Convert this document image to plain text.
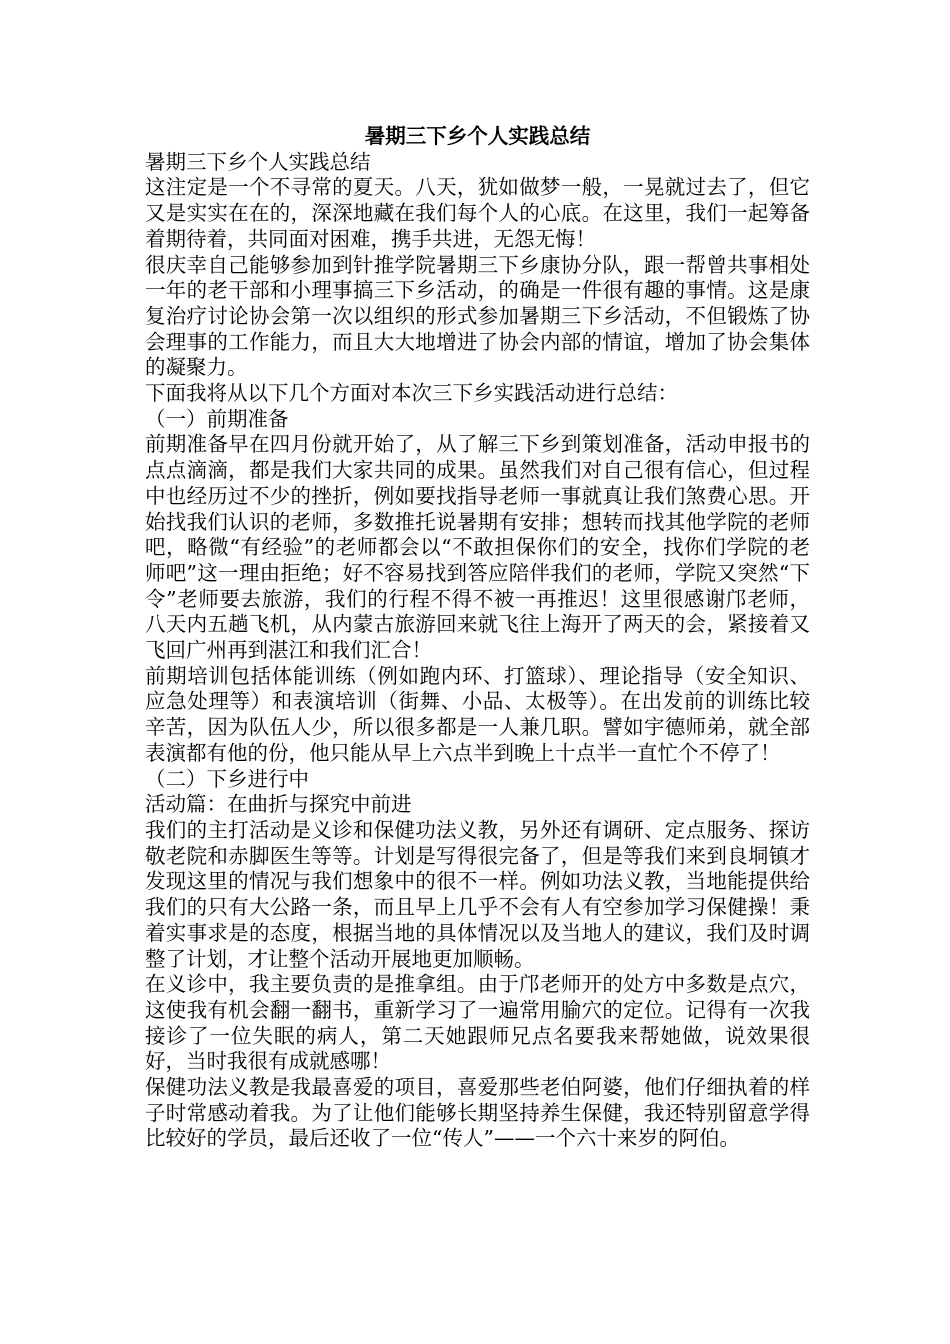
暑期三下乡个人实践总结
暑期三下乡个人实践总结
这注定是一个不寻常的夏天。八天，犹如做梦一般，一晃就过去了，但它又是实实在在的，深深地藏在我们每个人的心底。在这里，我们一起筹备着期待着，共同面对困难，携手共进，无怨无悔！
很庆幸自己能够参加到针推学院暑期三下乡康协分队，跟一帮曾共事相处一年的老干部和小理事搞三下乡活动，的确是一件很有趣的事情。这是康复治疗讨论协会第一次以组织的形式参加暑期三下乡活动，不但锻炼了协会理事的工作能力，而且大大地增进了协会内部的情谊，增加了协会集体的凝聚力。
下面我将从以下几个方面对本次三下乡实践活动进行总结：
（一）前期准备
前期准备早在四月份就开始了，从了解三下乡到策划准备，活动申报书的点点滴滴，都是我们大家共同的成果。虽然我们对自己很有信心，但过程中也经历过不少的挫折，例如要找指导老师一事就真让我们煞费心思。开始找我们认识的老师，多数推托说暑期有安排；想转而找其他学院的老师吧，略微“有经验”的老师都会以“不敢担保你们的安全，找你们学院的老师吧”这一理由拒绝；好不容易找到答应陪伴我们的老师，学院又突然“下令”老师要去旅游，我们的行程不得不被一再推迟！这里很感谢邝老师，八天内五趟飞机，从内蒙古旅游回来就飞往上海开了两天的会，紧接着又飞回广州再到湛江和我们汇合！
前期培训包括体能训练（例如跑内环、打篮球）、理论指导（安全知识、应急处理等）和表演培训（街舞、小品、太极等）。在出发前的训练比较辛苦，因为队伍人少，所以很多都是一人兼几职。譬如宇德师弟，就全部表演都有他的份，他只能从早上六点半到晚上十点半一直忙个不停了！
（二）下乡进行中
活动篇：在曲折与探究中前进
我们的主打活动是义诊和保健功法义教，另外还有调研、定点服务、探访敬老院和赤脚医生等等。计划是写得很完备了，但是等我们来到良垌镇才发现这里的情况与我们想象中的很不一样。例如功法义教，当地能提供给我们的只有大公路一条，而且早上几乎不会有人有空参加学习保健操！秉着实事求是的态度，根据当地的具体情况以及当地人的建议，我们及时调整了计划，才让整个活动开展地更加顺畅。
在义诊中，我主要负责的是推拿组。由于邝老师开的处方中多数是点穴，这使我有机会翻一翻书，重新学习了一遍常用腧穴的定位。记得有一次我接诊了一位失眠的病人，第二天她跟师兄点名要我来帮她做，说效果很好，当时我很有成就感哪！
保健功法义教是我最喜爱的项目，喜爱那些老伯阿婆，他们仔细执着的样子时常感动着我。为了让他们能够长期坚持养生保健，我还特别留意学得比较好的学员，最后还收了一位“传人”——一个六十来岁的阿伯。
